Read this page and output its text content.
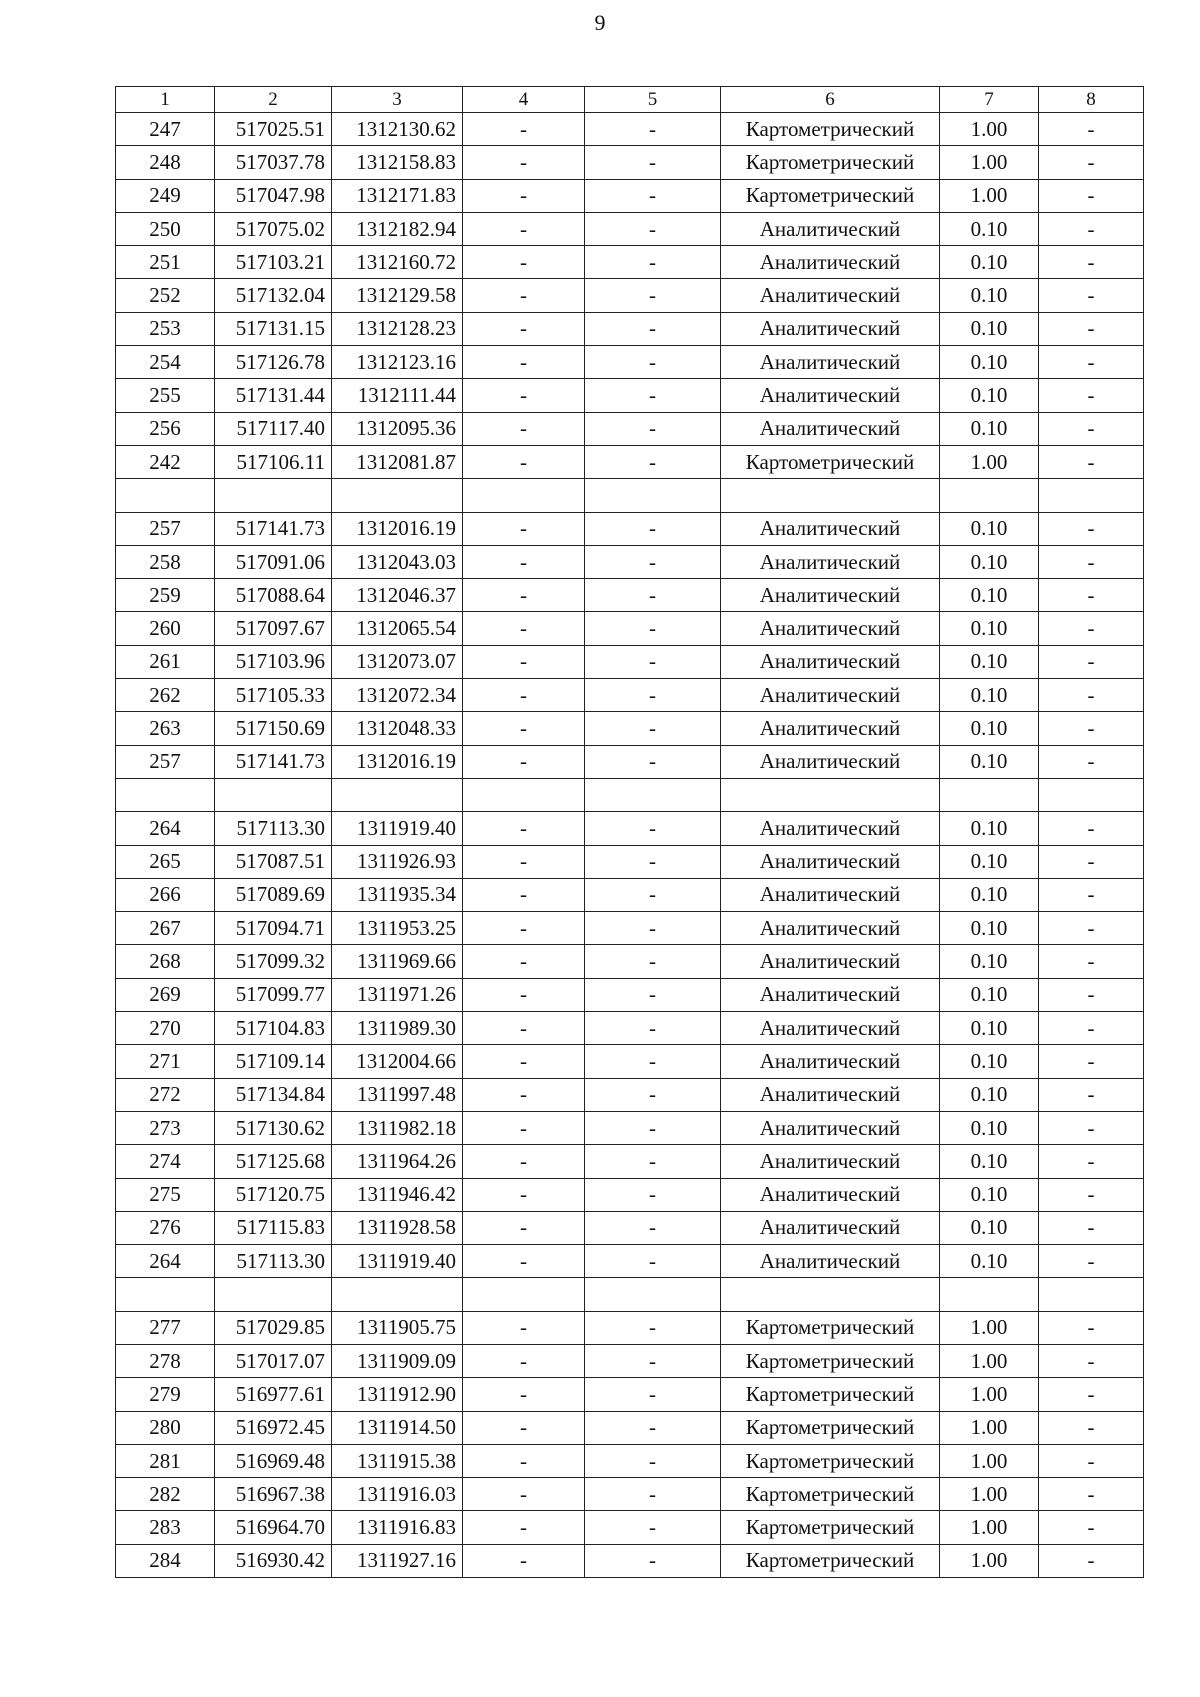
9
1	2	3	4	5	6	7	8
247	517025.51	1312130.62	-	-	Картометрический	1.00	-
248	517037.78	1312158.83	-	-	Картометрический	1.00	-
249	517047.98	1312171.83	-	-	Картометрический	1.00	-
250	517075.02	1312182.94	-	-	Аналитический	0.10	-
251	517103.21	1312160.72	-	-	Аналитический	0.10	-
252	517132.04	1312129.58	-	-	Аналитический	0.10	-
253	517131.15	1312128.23	-	-	Аналитический	0.10	-
254	517126.78	1312123.16	-	-	Аналитический	0.10	-
255	517131.44	1312111.44	-	-	Аналитический	0.10	-
256	517117.40	1312095.36	-	-	Аналитический	0.10	-
242	517106.11	1312081.87	-	-	Картометрический	1.00	-

257	517141.73	1312016.19	-	-	Аналитический	0.10	-
258	517091.06	1312043.03	-	-	Аналитический	0.10	-
259	517088.64	1312046.37	-	-	Аналитический	0.10	-
260	517097.67	1312065.54	-	-	Аналитический	0.10	-
261	517103.96	1312073.07	-	-	Аналитический	0.10	-
262	517105.33	1312072.34	-	-	Аналитический	0.10	-
263	517150.69	1312048.33	-	-	Аналитический	0.10	-
257	517141.73	1312016.19	-	-	Аналитический	0.10	-

264	517113.30	1311919.40	-	-	Аналитический	0.10	-
265	517087.51	1311926.93	-	-	Аналитический	0.10	-
266	517089.69	1311935.34	-	-	Аналитический	0.10	-
267	517094.71	1311953.25	-	-	Аналитический	0.10	-
268	517099.32	1311969.66	-	-	Аналитический	0.10	-
269	517099.77	1311971.26	-	-	Аналитический	0.10	-
270	517104.83	1311989.30	-	-	Аналитический	0.10	-
271	517109.14	1312004.66	-	-	Аналитический	0.10	-
272	517134.84	1311997.48	-	-	Аналитический	0.10	-
273	517130.62	1311982.18	-	-	Аналитический	0.10	-
274	517125.68	1311964.26	-	-	Аналитический	0.10	-
275	517120.75	1311946.42	-	-	Аналитический	0.10	-
276	517115.83	1311928.58	-	-	Аналитический	0.10	-
264	517113.30	1311919.40	-	-	Аналитический	0.10	-

277	517029.85	1311905.75	-	-	Картометрический	1.00	-
278	517017.07	1311909.09	-	-	Картометрический	1.00	-
279	516977.61	1311912.90	-	-	Картометрический	1.00	-
280	516972.45	1311914.50	-	-	Картометрический	1.00	-
281	516969.48	1311915.38	-	-	Картометрический	1.00	-
282	516967.38	1311916.03	-	-	Картометрический	1.00	-
283	516964.70	1311916.83	-	-	Картометрический	1.00	-
284	516930.42	1311927.16	-	-	Картометрический	1.00	-
